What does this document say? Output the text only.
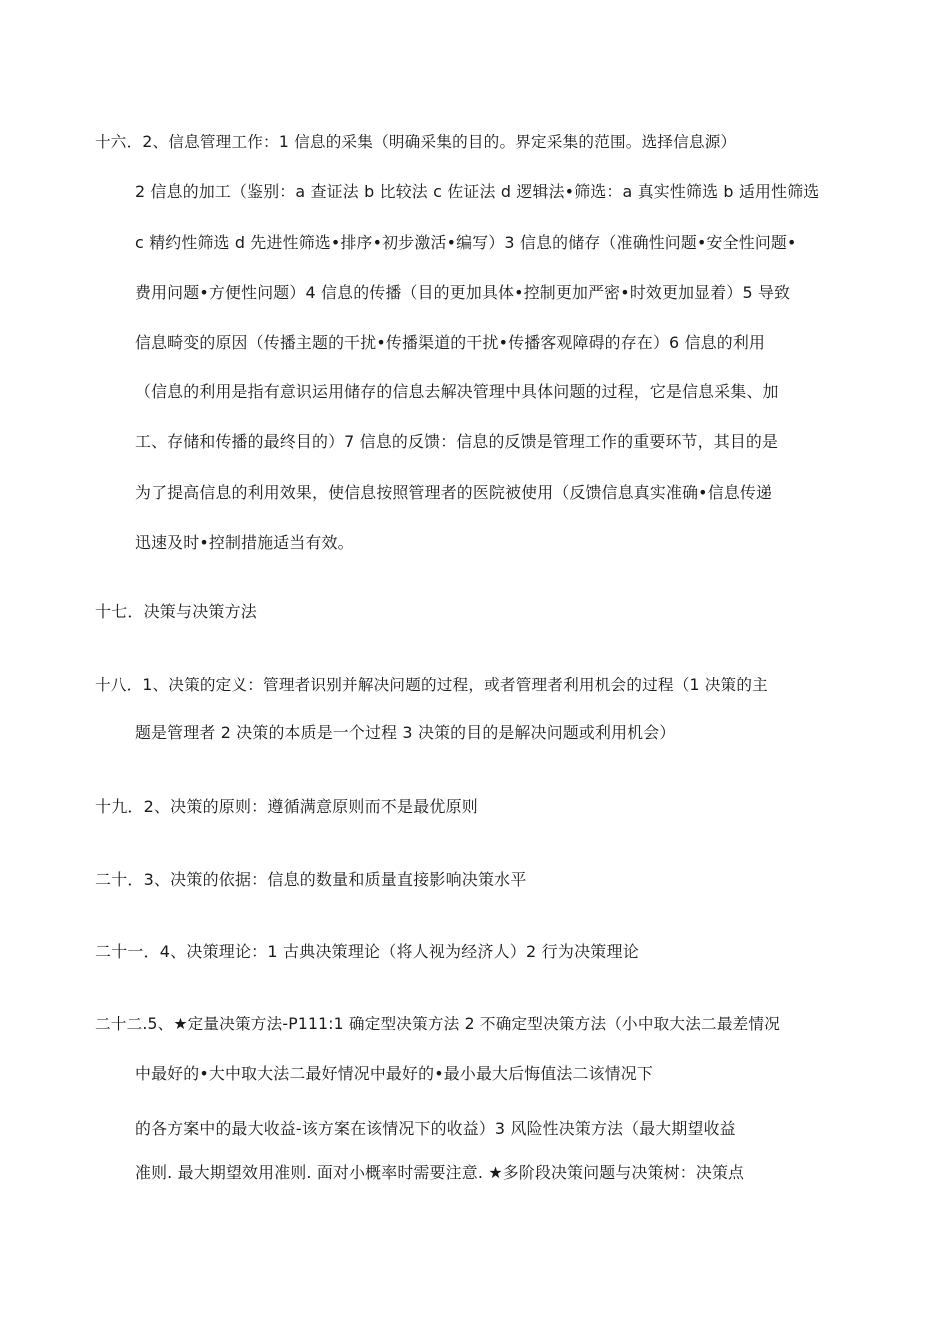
十六．2、信息管理工作：1 信息的采集（明确采集的目的。界定采集的范围。选择信息源）
2 信息的加工（鉴别：a 查证法 b 比较法 c 佐证法 d 逻辑法•筛选：a 真实性筛选 b 适用性筛选
c 精约性筛选 d 先进性筛选•排序•初步激活•编写）3 信息的储存（准确性问题•安全性问题•
费用问题•方便性问题）4 信息的传播（目的更加具体•控制更加严密•时效更加显着）5 导致
信息畸变的原因（传播主题的干扰•传播渠道的干扰•传播客观障碍的存在）6 信息的利用
（信息的利用是指有意识运用储存的信息去解决管理中具体问题的过程，它是信息采集、加
工、存储和传播的最终目的）7 信息的反馈：信息的反馈是管理工作的重要环节，其目的是
为了提高信息的利用效果，使信息按照管理者的医院被使用（反馈信息真实准确•信息传递
迅速及时•控制措施适当有效。
十七．决策与决策方法
十八．1、决策的定义：管理者识别并解决问题的过程，或者管理者利用机会的过程（1 决策的主
题是管理者 2 决策的本质是一个过程 3 决策的目的是解决问题或利用机会）
十九．2、决策的原则：遵循满意原则而不是最优原则
二十．3、决策的依据：信息的数量和质量直接影响决策水平
二十一．4、决策理论：1 古典决策理论（将人视为经济人）2 行为决策理论
二十二.5、★定量决策方法-P111:1 确定型决策方法 2 不确定型决策方法（小中取大法二最差情况
中最好的•大中取大法二最好情况中最好的•最小最大后悔值法二该情况下
的各方案中的最大收益-该方案在该情况下的收益）3 风险性决策方法（最大期望收益
准则. 最大期望效用准则. 面对小概率时需要注意. ★多阶段决策问题与决策树：决策点
